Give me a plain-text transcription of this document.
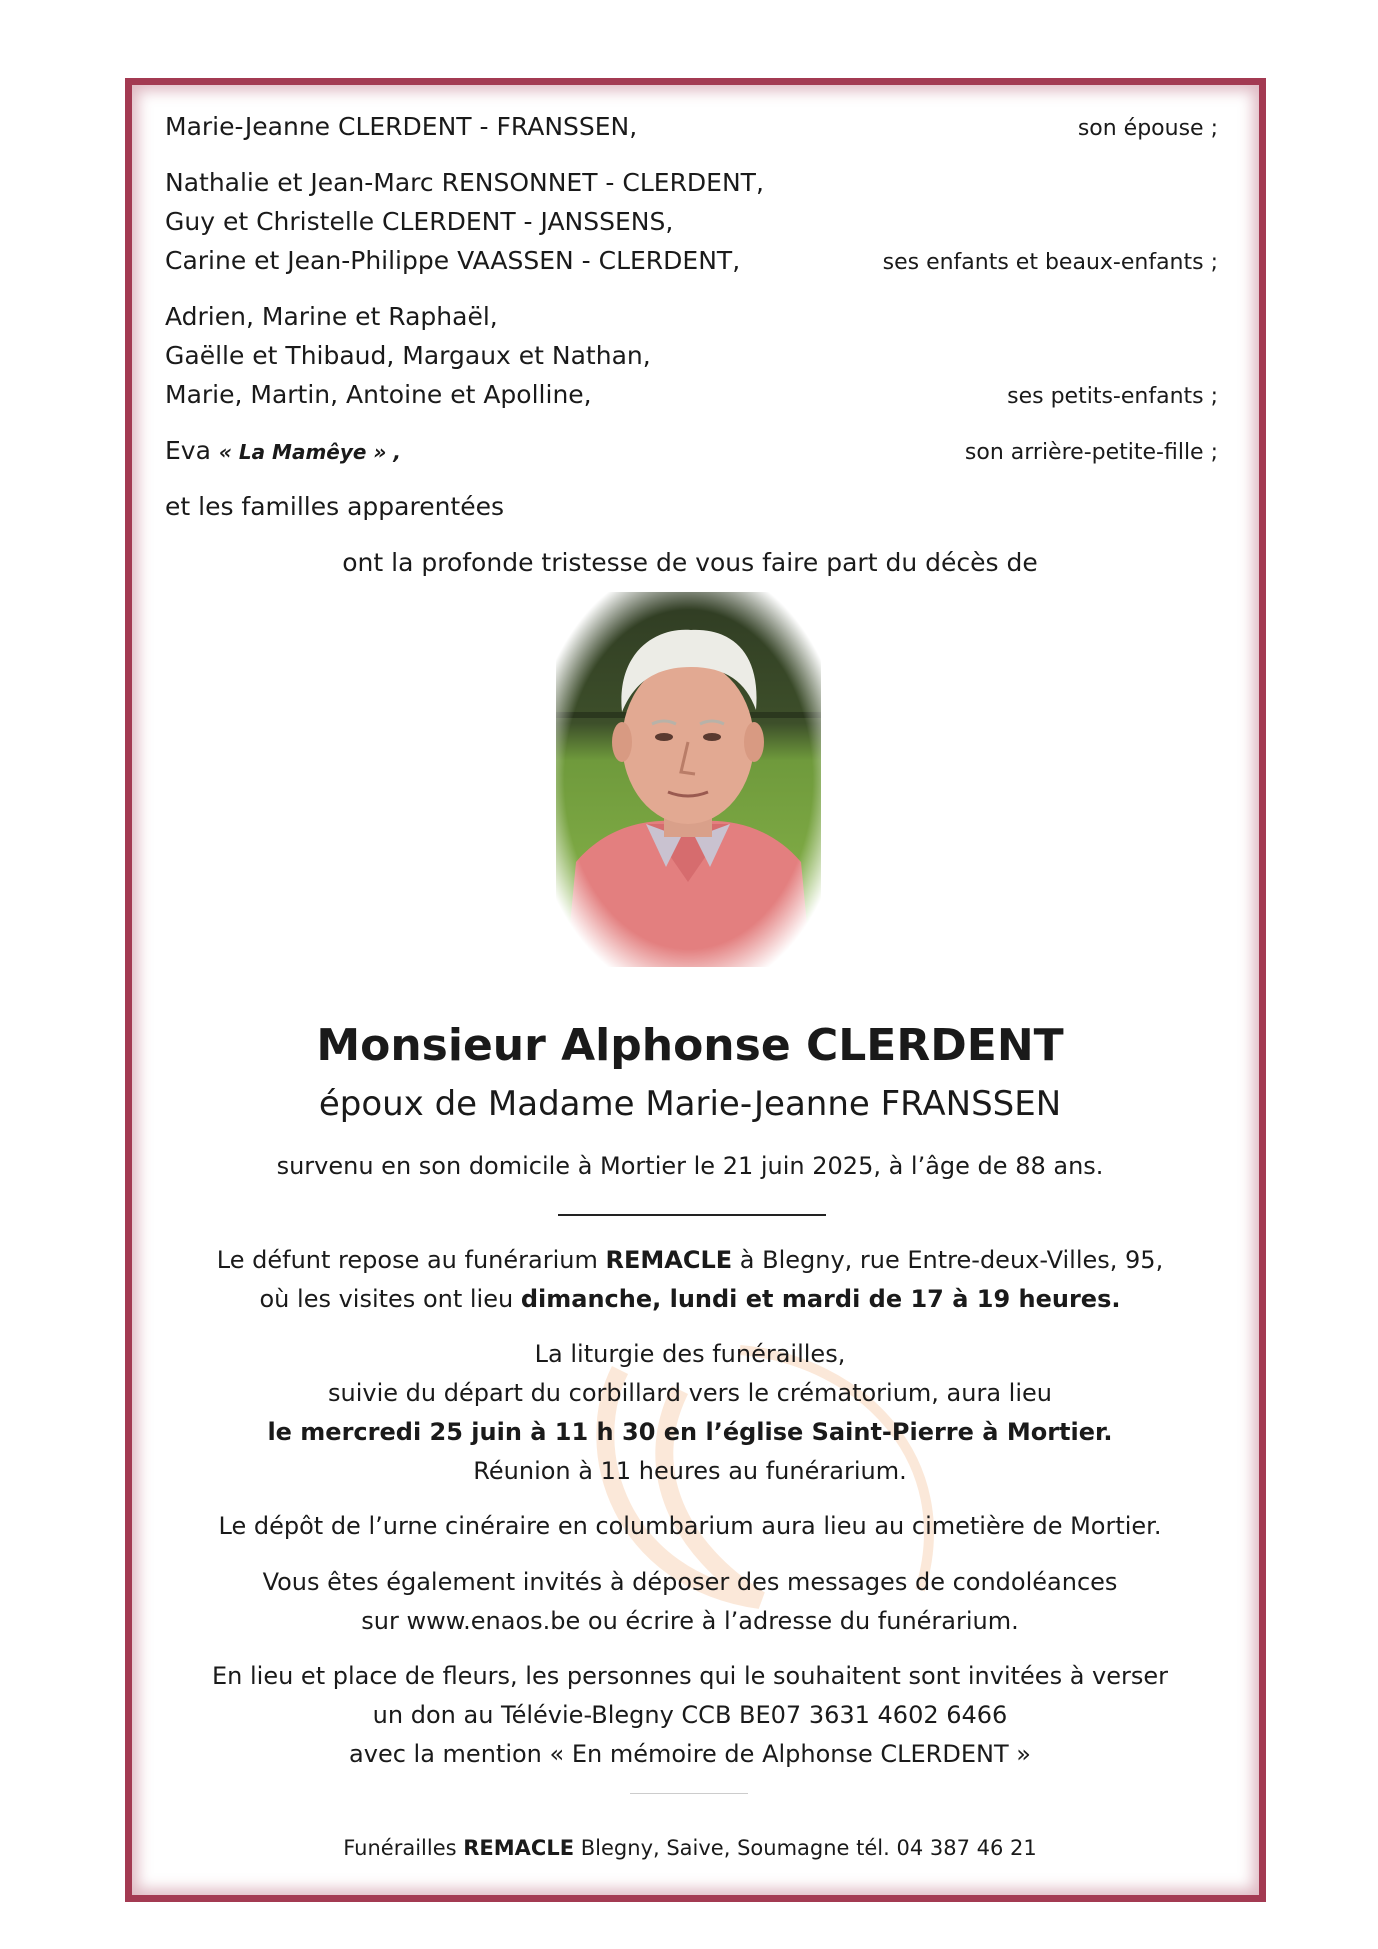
Marie-Jeanne CLERDENT - FRANSSEN,	son épouse ;
Nathalie et Jean-Marc RENSONNET - CLERDENT,
Guy et Christelle CLERDENT - JANSSENS,
Carine et Jean-Philippe VAASSEN - CLERDENT,	ses enfants et beaux-enfants ;
Adrien, Marine et Raphaël,
Gaëlle et Thibaud, Margaux et Nathan,
Marie, Martin, Antoine et Apolline,	ses petits-enfants ;
Eva « La Mamêye » ,	son arrière-petite-fille ;
et les familles apparentées
ont la profonde tristesse de vous faire part du décès de
Monsieur Alphonse CLERDENT
époux de Madame Marie-Jeanne FRANSSEN
survenu en son domicile à Mortier le 21 juin 2025, à l’âge de 88 ans.
Le défunt repose au funérarium REMACLE à Blegny, rue Entre-deux-Villes, 95,
où les visites ont lieu dimanche, lundi et mardi de 17 à 19 heures.
La liturgie des funérailles,
suivie du départ du corbillard vers le crématorium, aura lieu
le mercredi 25 juin à 11 h 30 en l’église Saint-Pierre à Mortier.
Réunion à 11 heures au funérarium.
Le dépôt de l’urne cinéraire en columbarium aura lieu au cimetière de Mortier.
Vous êtes également invités à déposer des messages de condoléances
sur www.enaos.be ou écrire à l’adresse du funérarium.
En lieu et place de fleurs, les personnes qui le souhaitent sont invitées à verser
un don au Télévie-Blegny CCB BE07 3631 4602 6466
avec la mention « En mémoire de Alphonse CLERDENT »
Funérailles REMACLE Blegny, Saive, Soumagne tél. 04 387 46 21
